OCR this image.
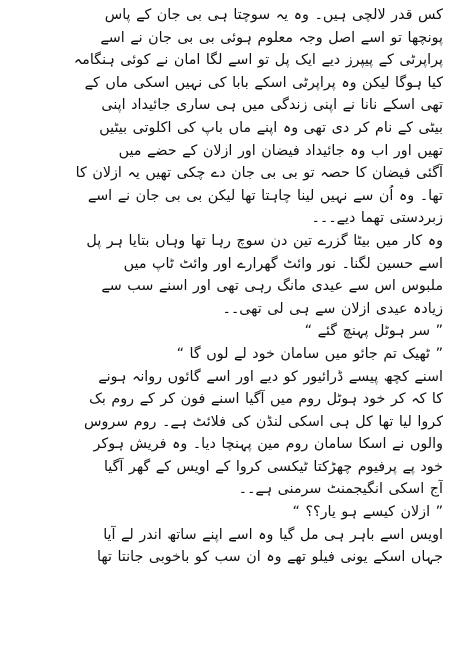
کس قدر لالچی ہیں۔ وہ یہ سوچتا ہی بی جان کے پاس
پونچھا تو اسے اصل وجہ معلوم ہوئی بی بی جان نے اسے
پراپرٹی کے پیپرز دیے ایک پل تو اسے لگا امان نے کوئی ہنگامہ
کیا ہوگا لیکن وہ پراپرٹی اسکے بابا کی نہیں اسکی ماں کے
تھی اسکے نانا نے اپنی زندگی میں ہی ساری جائیداد اپنی
بیٹی کے نام کر دی تھی وہ اپنے ماں باپ کی اکلوتی بیٹیں
تھیں اور اب وہ جائیداد فیضان اور ازلان کے حضے میں
آگئی فیضان کا حصہ تو بی بی جان دے چکی تھیں یہ ازلان کا
تھا۔ وہ اُن سے نہیں لینا چاہتا تھا لیکن بی بی جان نے اسے
زبردستی تھما دیے۔۔۔
وہ کار میں بیٹا گزرے تین دن سوچ رہا تھا وہاں بتایا ہر پل
اسے حسین لگنا۔ نور وائٹ گھرارے اور وائٹ ٹاپ میں
ملبوس اس سے عیدی مانگ رہی تھی اور اسنے سب سے
زیادہ عیدی ازلان سے ہی لی تھی۔۔
” سر ہوٹل پہنچ گئے “
” ٹھیک تم جائو میں سامان خود لے لوں گا “
اسنے کچھ پیسے ڈرائیور کو دیے اور اسے گائوں روانہ ہونے
کا کہ کر خود ہوٹل روم میں آگیا اسنے فون کر کے روم بک
کروا لیا تھا کل ہی اسکی لنڈن کی فلائٹ ہے۔ روم سروس
والوں نے اسکا سامان روم مین پہنچا دیا۔ وہ فریش ہوکر
خود پے پرفیوم چھڑکتا ٹیکسی کروا کے اویس کے گھر آگیا
آج اسکی انگیجمنٹ سرمنی ہے۔۔
” ازلان کیسے ہو یار؟؟ “
اویس اسے باہر ہی مل گیا وہ اسے اپنے ساتھ اندر لے آیا
جہاں اسکے یونی فیلو تھے وہ ان سب کو باخوبی جانتا تھا
